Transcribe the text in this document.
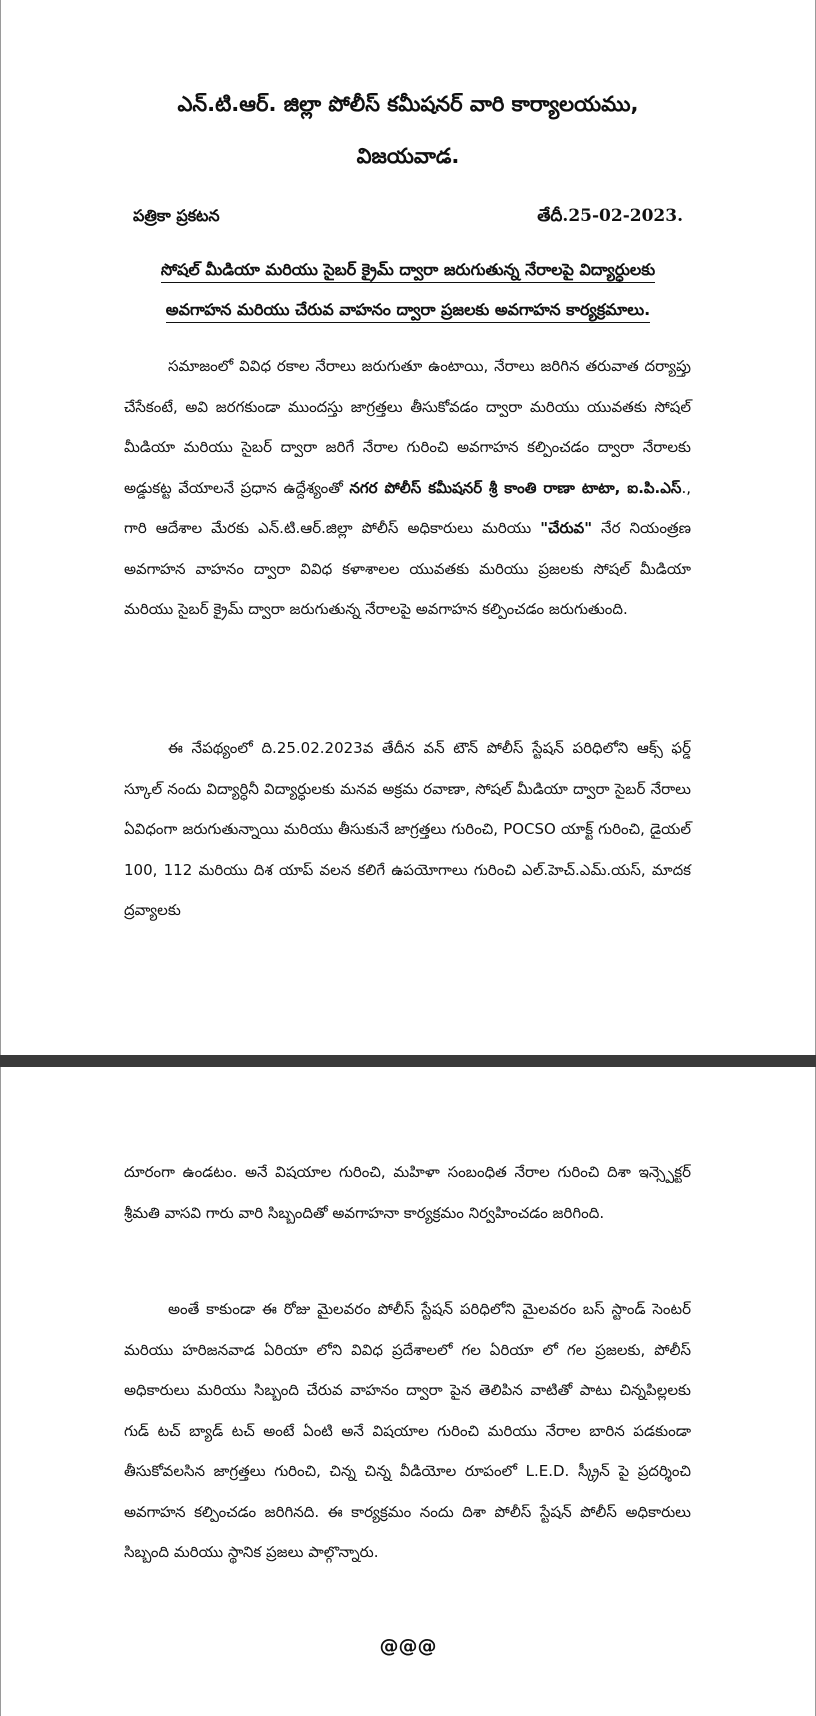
ఎన్.టి.ఆర్. జిల్లా పోలీస్ కమీషనర్ వారి కార్యాలయము,
విజయవాడ.
పత్రికా ప్రకటన	తేదీ.25-02-2023.
సోషల్ మీడియా మరియు సైబర్ క్రైమ్ ద్వారా జరుగుతున్న నేరాలపై విద్యార్ధులకు
అవగాహన మరియు చేరువ వాహనం ద్వారా ప్రజలకు అవగాహన కార్యక్రమాలు.

సమాజంలో వివిధ రకాల నేరాలు జరుగుతూ ఉంటాయి, నేరాలు జరిగిన తరువాత దర్యాప్తు చేసేకంటే, అవి జరగకుండా ముందస్తు జాగ్రత్తలు తీసుకోవడం ద్వారా మరియు యువతకు సోషల్ మీడియా మరియు సైబర్ ద్వారా జరిగే నేరాల గురించి అవగాహన కల్పించడం ద్వారా నేరాలకు అడ్డుకట్ట వేయాలనే ప్రధాన ఉద్దేశ్యంతో నగర పోలీస్ కమీషనర్ శ్రీ కాంతి రాణా టాటా, ఐ.పి.ఎస్., గారి ఆదేశాల మేరకు ఎన్.టి.ఆర్.జిల్లా పోలీస్ అధికారులు మరియు "చేరువ" నేర నియంత్రణ అవగాహన వాహనం ద్వారా వివిధ కళాశాలల యువతకు మరియు ప్రజలకు సోషల్ మీడియా మరియు సైబర్ క్రైమ్ ద్వారా జరుగుతున్న నేరాలపై అవగాహన కల్పించడం జరుగుతుంది.

ఈ నేపథ్యంలో ది.25.02.2023వ తేదీన వన్ టౌన్ పోలీస్ స్టేషన్ పరిధిలోని ఆక్స్ ఫర్డ్ స్కూల్ నందు విద్యార్ధినీ విద్యార్ధులకు మనవ అక్రమ రవాణా, సోషల్ మీడియా ద్వారా సైబర్ నేరాలు ఏవిధంగా జరుగుతున్నాయి మరియు తీసుకునే జాగ్రత్తలు గురించి, POCSO యాక్ట్ గురించి, డైయల్ 100, 112 మరియు దిశ యాప్ వలన కలిగే ఉపయోగాలు గురించి ఎల్.హెచ్.ఎమ్.యస్, మాదక ద్రవ్యాలకు

దూరంగా ఉండటం. అనే విషయాల గురించి, మహిళా సంబంధిత నేరాల గురించి దిశా ఇన్స్పెక్టర్ శ్రీమతి వాసవి గారు వారి సిబ్బందితో అవగాహనా కార్యక్రమం నిర్వహించడం జరిగింది.

అంతే కాకుండా ఈ రోజు మైలవరం పోలీస్ స్టేషన్ పరిధిలోని మైలవరం బస్ స్టాండ్ సెంటర్ మరియు హరిజనవాడ ఏరియా లోని వివిధ ప్రదేశాలలో గల ఏరియా లో గల ప్రజలకు, పోలీస్ అధికారులు మరియు సిబ్బంది చేరువ వాహనం ద్వారా పైన తెలిపిన వాటితో పాటు చిన్నపిల్లలకు గుడ్ టచ్ బ్యాడ్ టచ్ అంటే ఏంటి అనే విషయాల గురించి మరియు నేరాల బారిన పడకుండా తీసుకోవలసిన జాగ్రత్తలు గురించి, చిన్న చిన్న వీడియోల రూపంలో L.E.D. స్క్రీన్ పై ప్రదర్శించి అవగాహన కల్పించడం జరిగినది. ఈ కార్యక్రమం నందు దిశా పోలీస్ స్టేషన్ పోలీస్ అధికారులు సిబ్బంది మరియు స్థానిక ప్రజలు పాల్గొన్నారు.

@@@
